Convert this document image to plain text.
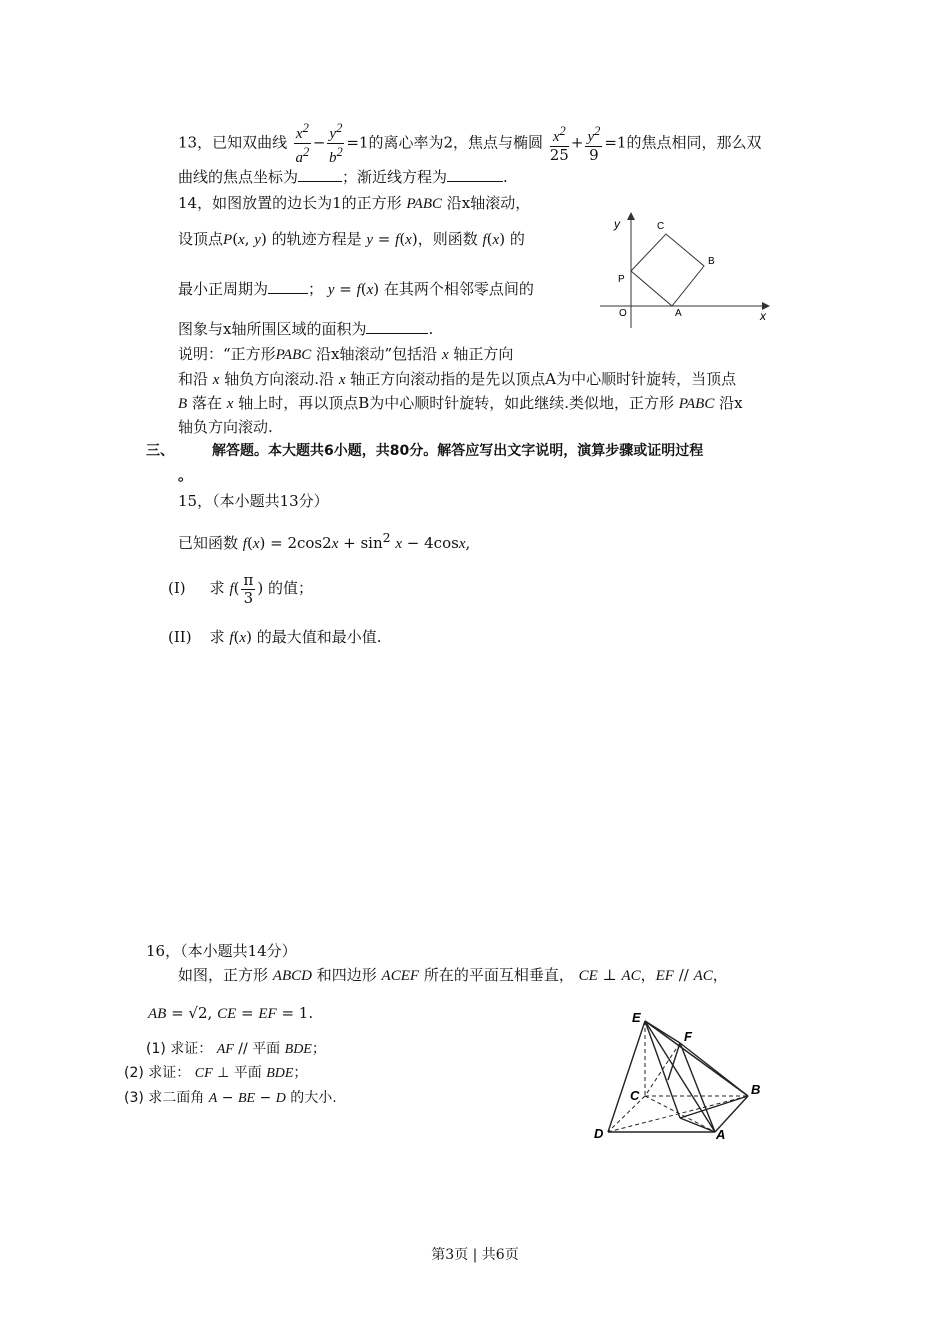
13，已知双曲线 $\frac{x^2}{a^2} - \frac{y^2}{b^2} =1$的离心率为2，焦点与椭圆 $\frac{x^2}{25} + \frac{y^2}{9} =1$的焦点相同，那么双
曲线的焦点坐标为	；渐近线方程为	.
14，如图放置的边长为1的正方形 PABC 沿x轴滚动，
设顶点P(x, y) 的轨迹方程是 y = f(x)，则函数 f(x) 的
最小正周期为	； y = f(x) 在其两个相邻零点间的
图象与x轴所围区域的面积为	.
说明：“正方形PABC 沿x轴滚动”包括沿 x 轴正方向
和沿 x 轴负方向滚动.沿 x 轴正方向滚动指的是先以顶点A为中心顺时针旋转，当顶点
B 落在 x 轴上时，再以顶点B为中心顺时针旋转，如此继续.类似地，正方形 PABC 沿x
轴负方向滚动.
y
x
O
P
A
B
C
三、	解答题。本大题共6小题，共80分。解答应写出文字说明，演算步骤或证明过程
。
15，（本小题共13分）
已知函数 $f(x) = 2\cos 2x + \sin^2 x - 4\cos x$,
(I) 求 $f( \frac{\pi}{3}$ ) 的值；
(II) 求 f(x) 的最大值和最小值.
16，（本小题共14分）
如图，正方形 ABCD 和四边形 ACEF 所在的平面互相垂直， CE ⊥ AC，EF // AC，
AB = √2, CE = EF = 1.
(1) 求证： AF // 平面 BDE；
(2) 求证： CF ⊥ 平面 BDE；
(3) 求二面角 A − BE − D 的大小.
E
F
C	B
D	A
第3页 | 共6页
